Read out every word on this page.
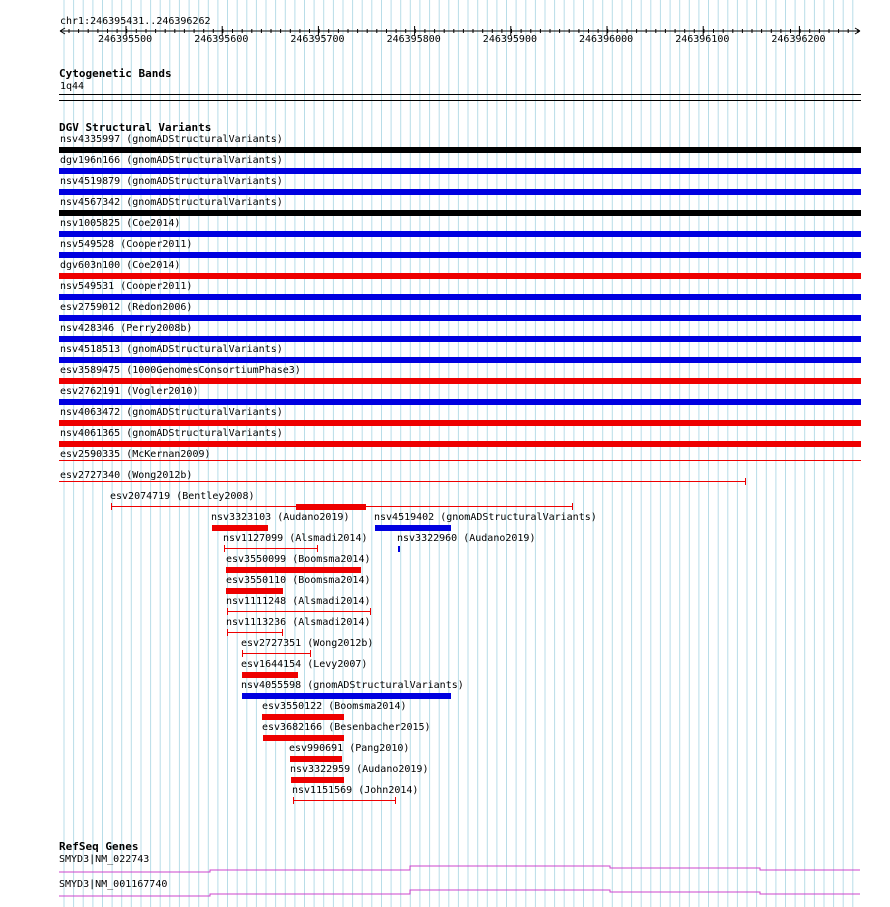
chr1:246395431..246396262
246395500	246395600	246395700	246395800	246395900	246396000	246396100	246396200
Cytogenetic Bands
1q44
DGV Structural Variants
nsv4335997 (gnomADStructuralVariants)
dgv196n166 (gnomADStructuralVariants)
nsv4519879 (gnomADStructuralVariants)
nsv4567342 (gnomADStructuralVariants)
nsv1005825 (Coe2014)
nsv549528 (Cooper2011)
dgv603n100 (Coe2014)
nsv549531 (Cooper2011)
esv2759012 (Redon2006)
nsv428346 (Perry2008b)
nsv4518513 (gnomADStructuralVariants)
esv3589475 (1000GenomesConsortiumPhase3)
esv2762191 (Vogler2010)
nsv4063472 (gnomADStructuralVariants)
nsv4061365 (gnomADStructuralVariants)
esv2590335 (McKernan2009)
esv2727340 (Wong2012b)
esv2074719 (Bentley2008)
nsv3323103 (Audano2019) nsv4519402 (gnomADStructuralVariants)
nsv1127099 (Alsmadi2014)	nsv3322960 (Audano2019)
esv3550099 (Boomsma2014)
esv3550110 (Boomsma2014)
nsv1111248 (Alsmadi2014)
nsv1113236 (Alsmadi2014)
esv2727351 (Wong2012b)
esv1644154 (Levy2007)
nsv4055598 (gnomADStructuralVariants)
esv3550122 (Boomsma2014)
esv3682166 (Besenbacher2015)
esv990691 (Pang2010)
nsv3322959 (Audano2019)
nsv1151569 (John2014)
RefSeq Genes
SMYD3|NM_022743
SMYD3|NM_001167740
